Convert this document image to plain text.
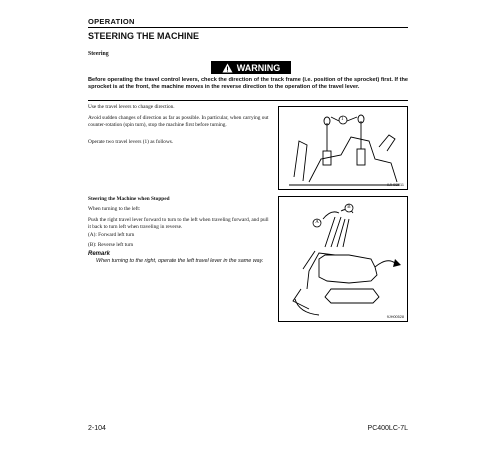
OPERATION
STEERING THE MACHINE
Steering
WARNING
Before operating the travel control levers, check the direction of the track frame (i.e. position of the sprocket) first. If the sprocket is at the front, the machine moves in the reverse direction to the operation of the travel lever.
Use the travel levers to change direction.
Avoid sudden changes of direction as far as possible. In particular, when carrying out counter-rotation (spin turn), stop the machine first before turning.
Operate two travel levers (1) as follows.
1
9JH02511
Steering the Machine when Stopped
When turning to the left:
Push the right travel lever forward to turn to the left when traveling forward, and pull it back to turn left when traveling in reverse.
(A): Forward left turn
(B): Reverse left turn
Remark
When turning to the right, operate the left travel lever in the same way.
A
B
9JH00528
2-104	PC400LC-7L
